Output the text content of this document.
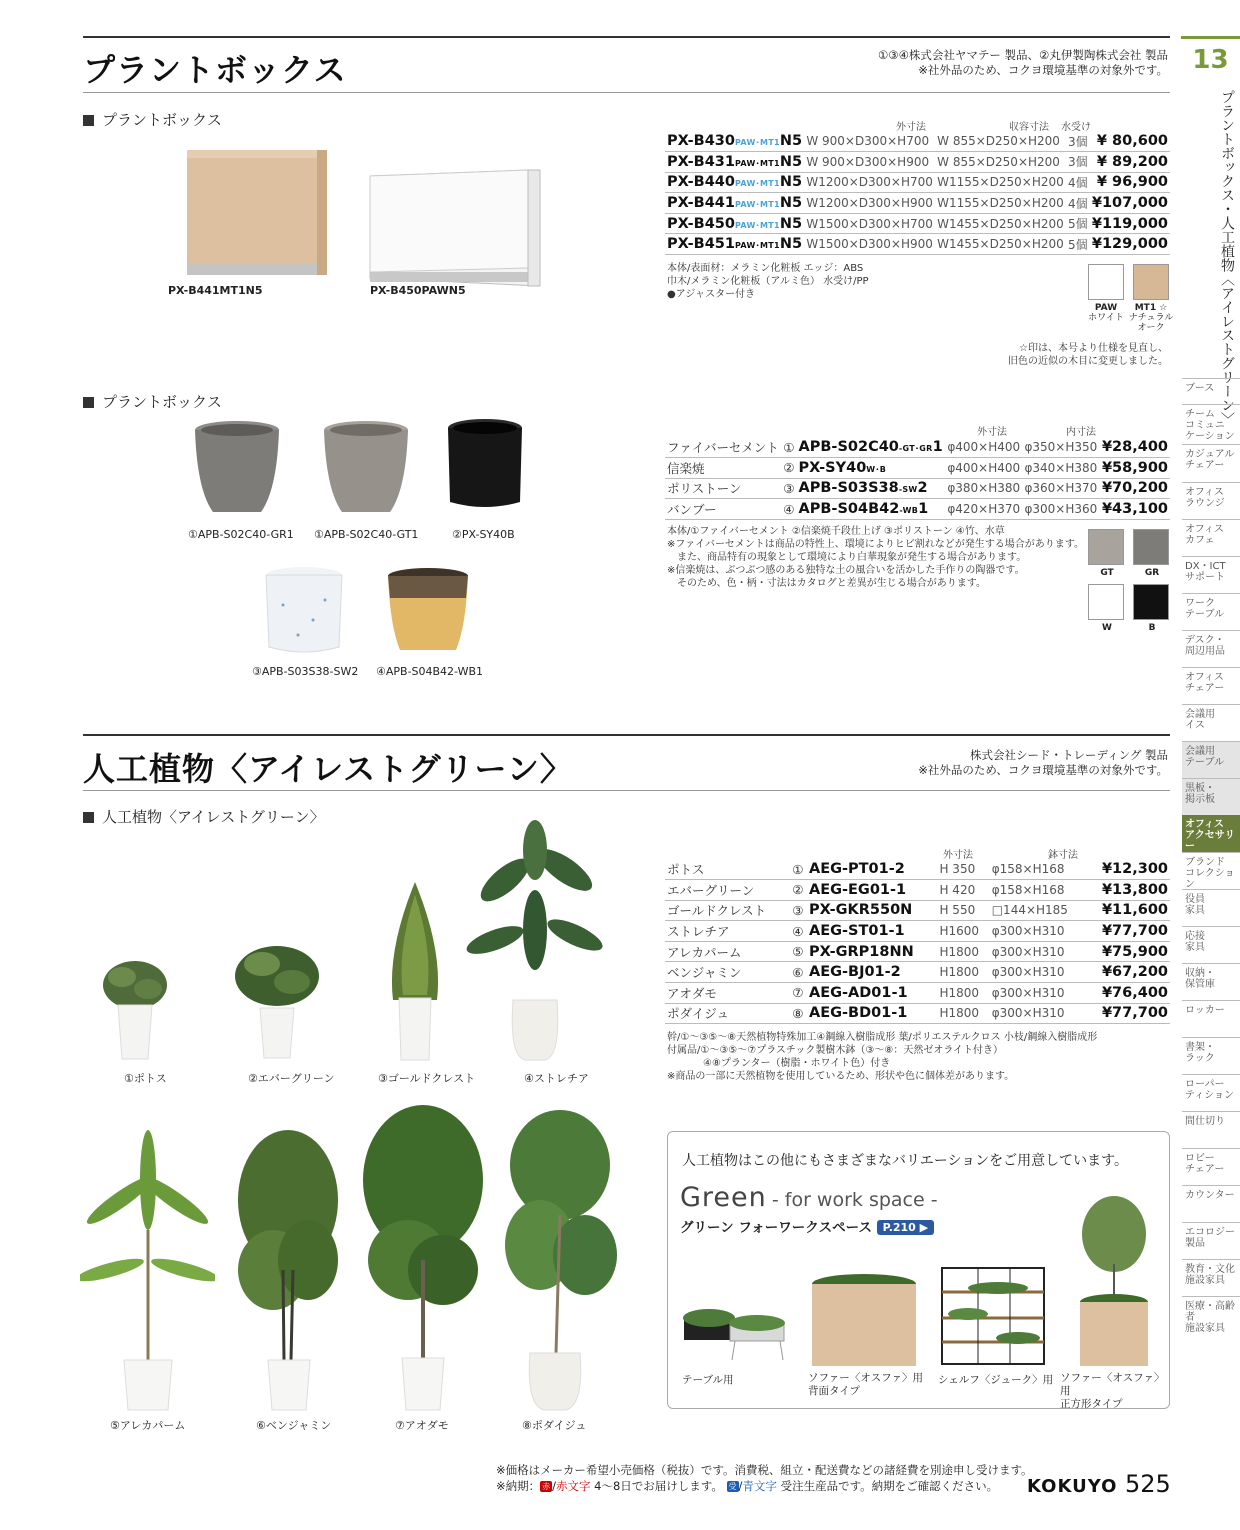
プラントボックス	①③④株式会社ヤマテー 製品、②丸伊製陶株式会社 製品
※社外品のため、コクヨ環境基準の対象外です。
プラントボックス
PX-B441MT1N5	PX-B450PAWN5
外寸法	収容寸法 水受け
PX-B430PAW･MT1N5	W 900×D300×H700	W 855×D250×H200	3個	¥ 80,600
PX-B431PAW･MT1N5	W 900×D300×H900	W 855×D250×H200	3個	¥ 89,200
PX-B440PAW･MT1N5	W1200×D300×H700	W1155×D250×H200	4個	¥ 96,900
PX-B441PAW･MT1N5	W1200×D300×H900	W1155×D250×H200	4個	¥107,000
PX-B450PAW･MT1N5	W1500×D300×H700	W1455×D250×H200	5個	¥119,000
PX-B451PAW･MT1N5	W1500×D300×H900	W1455×D250×H200	5個	¥129,000
本体/表面材：メラミン化粧板 エッジ：ABS
巾木/メラミン化粧板（アルミ色） 水受け/PP
●アジャスター付き
PAW
ホワイト
MT1 ☆
ナチュラル
オーク
☆印は、本号より仕様を見直し、
旧色の近似の木目に変更しました。
プラントボックス
①APB-S02C40-GR1 ①APB-S02C40-GT1	②PX-SY40B
③APB-S03S38-SW2 ④APB-S04B42-WB1
外寸法	内寸法
ファイバーセメント	①	APB-S02C40-GT･GR1	φ400×H400	φ350×H350	¥28,400
信楽焼	②	PX-SY40W･B	φ400×H400	φ340×H380	¥58,900
ポリストーン	③	APB-S03S38-SW2	φ380×H380	φ360×H370	¥70,200
バンブー	④	APB-S04B42-WB1	φ420×H370	φ300×H360	¥43,100
本体/①ファイバーセメント ②信楽焼千段仕上げ ③ポリストーン ④竹、水草
※ファイバーセメントは商品の特性上、環境によりヒビ割れなどが発生する場合があります。
また、商品特有の現象として環境により白華現象が発生する場合があります。
※信楽焼は、ぶつぶつ感のある独特な土の風合いを活かした手作りの陶器です。
そのため、色・柄・寸法はカタログと差異が生じる場合があります。
GT	GR
W	B
人工植物〈アイレストグリーン〉	株式会社シード・トレーディング 製品
※社外品のため、コクヨ環境基準の対象外です。
人工植物〈アイレストグリーン〉
①ポトス	②エバーグリーン	③ゴールドクレスト	④ストレチア
⑤アレカパーム	⑥ベンジャミン	⑦アオダモ	⑧ポダイジュ
外寸法	鉢寸法
ポトス	①	AEG-PT01-2	H 350	φ158×H168	¥12,300
エバーグリーン	②	AEG-EG01-1	H 420	φ158×H168	¥13,800
ゴールドクレスト	③	PX-GKR550N	H 550	□144×H185	¥11,600
ストレチア	④	AEG-ST01-1	H1600	φ300×H310	¥77,700
アレカパーム	⑤	PX-GRP18NN	H1800	φ300×H310	¥75,900
ベンジャミン	⑥	AEG-BJ01-2	H1800	φ300×H310	¥67,200
アオダモ	⑦	AEG-AD01-1	H1800	φ300×H310	¥76,400
ポダイジュ	⑧	AEG-BD01-1	H1800	φ300×H310	¥77,700
幹/①～③⑤～⑧天然植物特殊加工④鋼線入樹脂成形 葉/ポリエステルクロス 小枝/鋼線入樹脂成形
付属品/①～③⑤～⑦プラスチック製樹木鉢（③～⑧：天然ゼオライト付き）
④⑧プランター（樹脂・ホワイト色）付き
※商品の一部に天然植物を使用しているため、形状や色に個体差があります。
人工植物はこの他にもさまざまなバリエーションをご用意しています。
Green - for work space -
グリーン フォーワークスペース P.210 ▶
テーブル用	ソファー〈オスファ〉用
背面タイプ
シェルフ〈ジューク〉用 ソファー〈オスファ〉用
正方形タイプ
13
プラントボックス・人工植物〈アイレストグリーン〉
ブース
チーム
コミュニ
ケーション
カジュアル
チェアー
オフィス
ラウンジ
オフィス
カフェ
DX・ICT
サポート
ワーク
テーブル
デスク・
周辺用品
オフィス
チェアー
会議用
イス
会議用
テーブル
黒板・
掲示板
オフィス
アクセサリー
ブランド
コレクション
役員
家具
応接
家具
収納・
保管庫
ロッカー
書架・
ラック
ローパー
ティション
間仕切り
ロビー
チェアー
カウンター
エコロジー
製品
教育・文化
施設家具
医療・高齢者
施設家具
※価格はメーカー希望小売価格（税抜）です。消費税、組立・配送費などの諸経費を別途申し受けます。
※納期： 赤 /赤文字 4～8日でお届けします。 受 /青文字 受注生産品です。納期をご確認ください。	KOKUYO 525
